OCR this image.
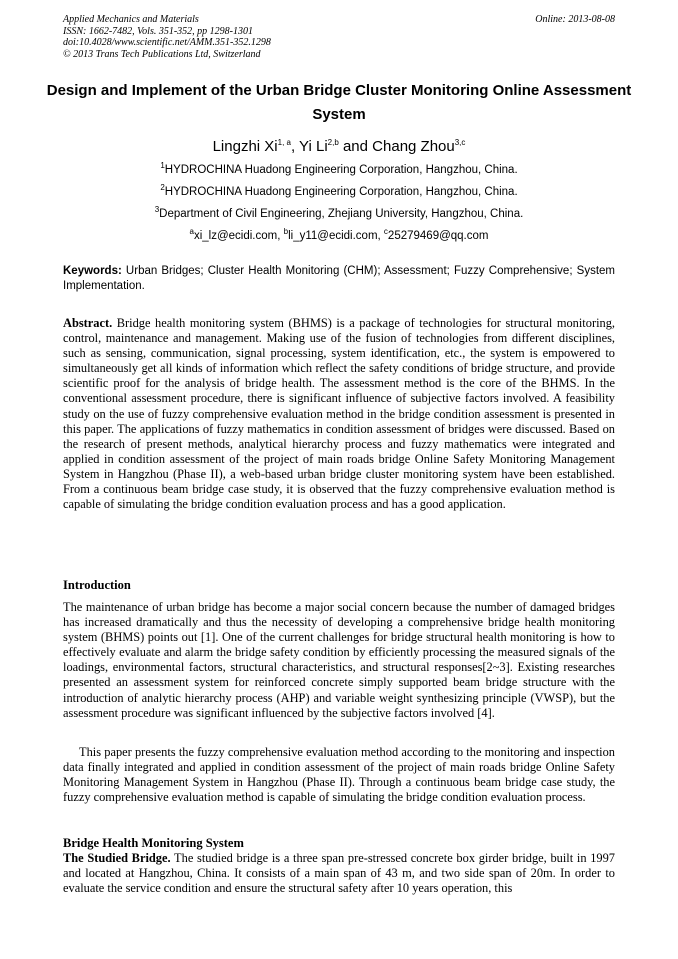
Applied Mechanics and Materials
ISSN: 1662-7482, Vols. 351-352, pp 1298-1301
doi:10.4028/www.scientific.net/AMM.351-352.1298
© 2013 Trans Tech Publications Ltd, Switzerland
Online: 2013-08-08
Design and Implement of the Urban Bridge Cluster Monitoring Online Assessment System
Lingzhi Xi$^{1, a}$, Yi Li$^{2,b}$ and Chang Zhou$^{3,c}$
$^1$HYDROCHINA Huadong Engineering Corporation, Hangzhou, China.
$^2$HYDROCHINA Huadong Engineering Corporation, Hangzhou, China.
$^3$Department of Civil Engineering, Zhejiang University, Hangzhou, China.
$^a$xi_lz@ecidi.com, $^b$li_y11@ecidi.com, $^c$25279469@qq.com
Keywords: Urban Bridges; Cluster Health Monitoring (CHM); Assessment; Fuzzy Comprehensive; System Implementation.

Abstract. Bridge health monitoring system (BHMS) is a package of technologies for structural monitoring, control, maintenance and management. Making use of the fusion of technologies from different disciplines, such as sensing, communication, signal processing, system identification, etc., the system is empowered to simultaneously get all kinds of information which reflect the safety conditions of bridge structure, and provide scientific proof for the analysis of bridge health. The assessment method is the core of the BHMS. In the conventional assessment procedure, there is significant influence of subjective factors involved. A feasibility study on the use of fuzzy comprehensive evaluation method in the bridge condition assessment is presented in this paper. The applications of fuzzy mathematics in condition assessment of bridges were discussed. Based on the research of present methods, analytical hierarchy process and fuzzy mathematics were integrated and applied in condition assessment of the project of main roads bridge Online Safety Monitoring Management System in Hangzhou (Phase II), a web-based urban bridge cluster monitoring system have been established. From a continuous beam bridge case study, it is observed that the fuzzy comprehensive evaluation method is capable of simulating the bridge condition evaluation process and has a good application.

Introduction

The maintenance of urban bridge has become a major social concern because the number of damaged bridges has increased dramatically and thus the necessity of developing a comprehensive bridge health monitoring system (BHMS) points out [1]. One of the current challenges for bridge structural health monitoring is how to effectively evaluate and alarm the bridge safety condition by efficiently processing the measured signals of the loadings, environmental factors, structural characteristics, and structural responses[2~3]. Existing researches presented an assessment system for reinforced concrete simply supported beam bridge structure with the introduction of analytic hierarchy process (AHP) and variable weight synthesizing principle (VWSP), but the assessment procedure was significant influenced by the subjective factors involved [4].

This paper presents the fuzzy comprehensive evaluation method according to the monitoring and inspection data finally integrated and applied in condition assessment of the project of main roads bridge Online Safety Monitoring Management System in Hangzhou (Phase II). Through a continuous beam bridge case study, the fuzzy comprehensive evaluation method is capable of simulating the bridge condition evaluation process.

Bridge Health Monitoring System

The Studied Bridge. The studied bridge is a three span pre-stressed concrete box girder bridge, built in 1997 and located at Hangzhou, China. It consists of a main span of 43 m, and two side span of 20m. In order to evaluate the service condition and ensure the structural safety after 10 years operation, this
